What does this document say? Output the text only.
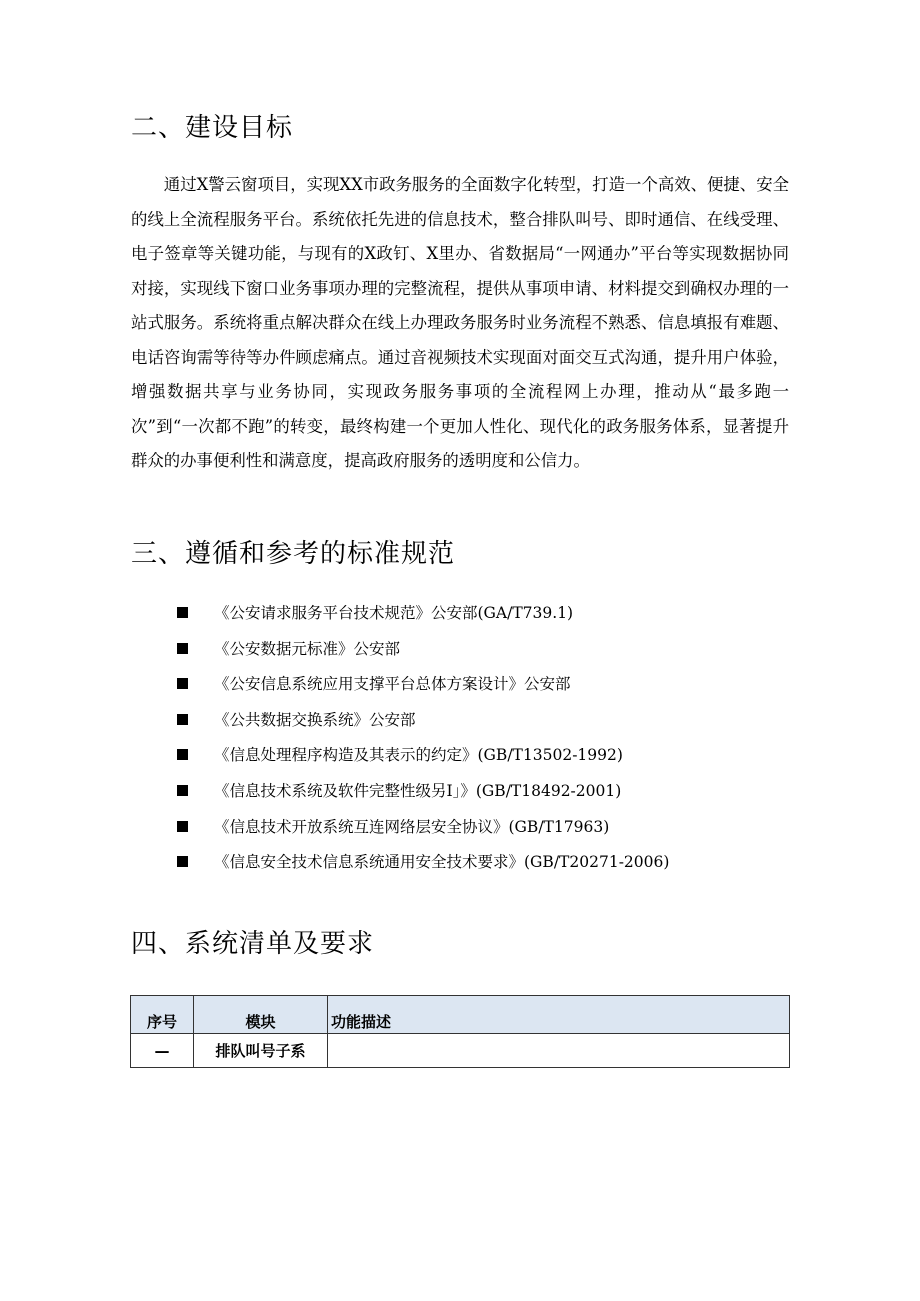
二、建设目标

通过X警云窗项目，实现XX市政务服务的全面数字化转型，打造一个高效、便捷、安全的线上全流程服务平台。系统依托先进的信息技术，整合排队叫号、即时通信、在线受理、电子签章等关键功能，与现有的X政钉、X里办、省数据局“一网通办”平台等实现数据协同对接，实现线下窗口业务事项办理的完整流程，提供从事项申请、材料提交到确权办理的一站式服务。系统将重点解决群众在线上办理政务服务时业务流程不熟悉、信息填报有难题、电话咨询需等待等办件顾虑痛点。通过音视频技术实现面对面交互式沟通，提升用户体验，增强数据共享与业务协同，实现政务服务事项的全流程网上办理，推动从“最多跑一次”到“一次都不跑”的转变，最终构建一个更加人性化、现代化的政务服务体系，显著提升群众的办事便利性和满意度，提高政府服务的透明度和公信力。

三、遵循和参考的标准规范
《公安请求服务平台技术规范》公安部(GA/T739.1)
《公安数据元标准》公安部
《公安信息系统应用支撑平台总体方案设计》公安部
《公共数据交换系统》公安部
《信息处理程序构造及其表示的约定》(GB/T13502-1992)
《信息技术系统及软件完整性级另I」》(GB/T18492-2001)
《信息技术开放系统互连网络层安全协议》(GB/T17963)
《信息安全技术信息系统通用安全技术要求》(GB/T20271-2006)
四、系统清单及要求
序号	模块	功能描述
—	排队叫号子系	
